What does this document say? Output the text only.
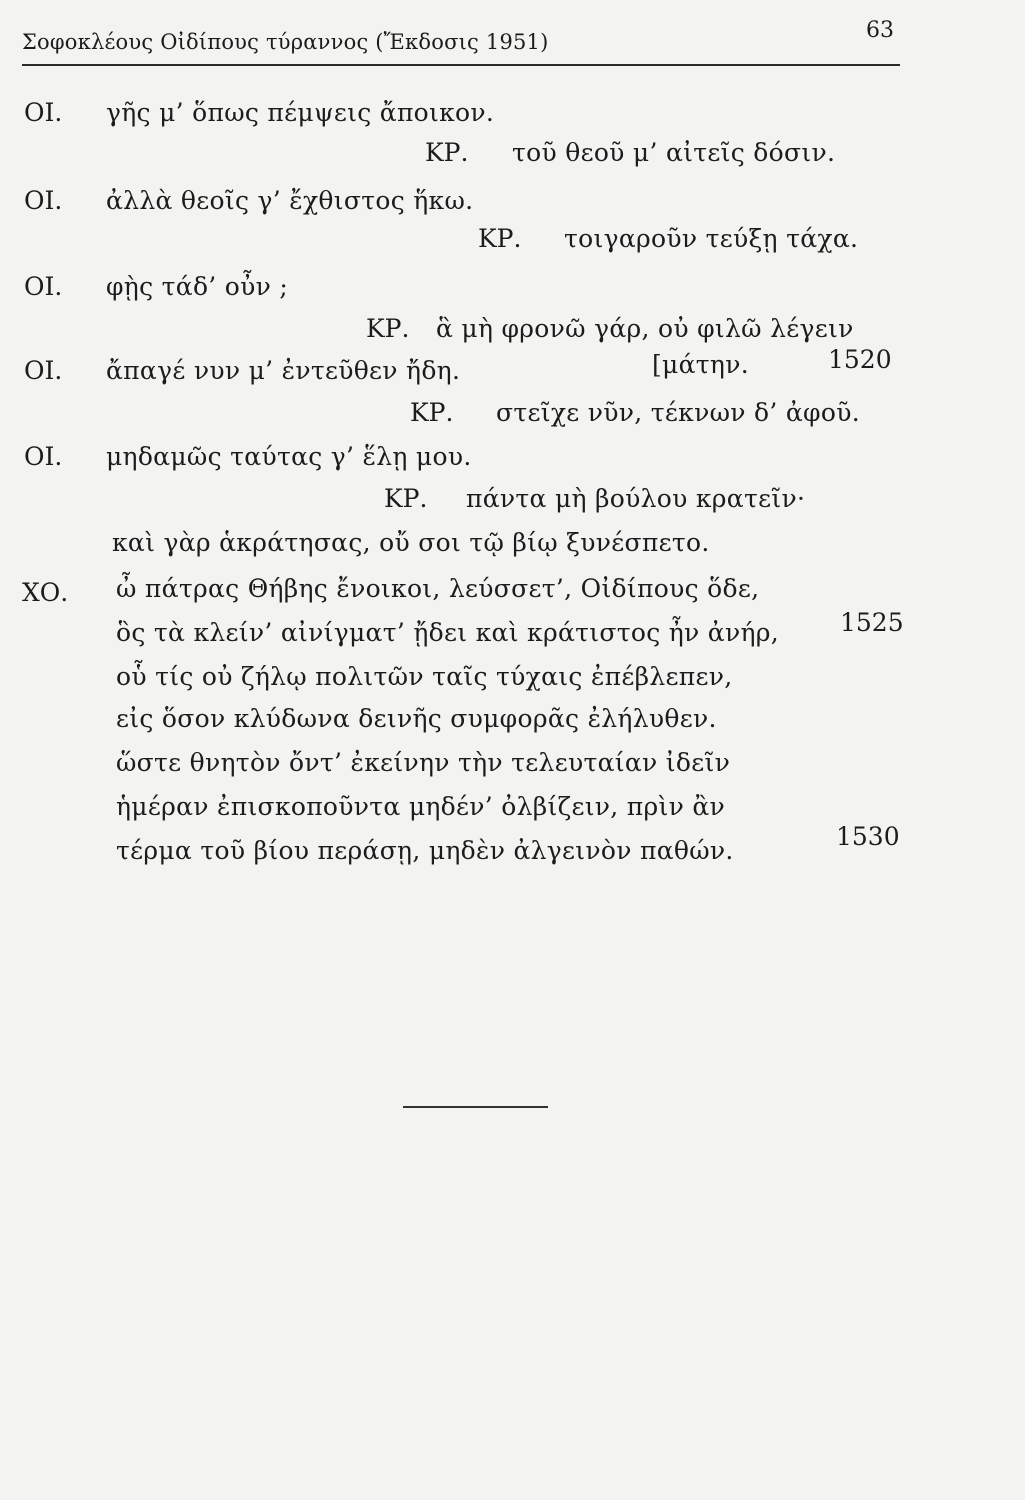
Σοφοκλέους Οἰδίπους τύραννος (Ἔκδοσις 1951)	63
ΟΙ. γῆς μ’ ὅπως πέμψεις ἄποικον.
ΚΡ. τοῦ θεοῦ μ’ αἰτεῖς δόσιν.
ΟΙ. ἀλλὰ θεοῖς γ’ ἔχθιστος ἥκω.
ΚΡ. τοιγαροῦν τεύξῃ τάχα.
ΟΙ. φῂς τάδ’ οὖν ;
ΚΡ. ἃ μὴ φρονῶ γάρ, οὐ φιλῶ λέγειν
ΟΙ. ἄπαγέ νυν μ’ ἐντεῦθεν ἤδη.	[μάτην.	1520
ΚΡ. στεῖχε νῦν, τέκνων δ’ ἀφοῦ.
ΟΙ. μηδαμῶς ταύτας γ’ ἕλῃ μου.
ΚΡ. πάντα μὴ βούλου κρατεῖν·
καὶ γὰρ ἁκράτησας, οὔ σοι τῷ βίῳ ξυνέσπετο.
ΧΟ. ὦ πάτρας Θήβης ἔνοικοι, λεύσσετ’, Οἰδίπους ὅδε,
ὃς τὰ κλείν’ αἰνίγματ’ ᾔδει καὶ κράτιστος ἦν ἀνήρ, 1525
οὗ τίς οὐ ζήλῳ πολιτῶν ταῖς τύχαις ἐπέβλεπεν,
εἰς ὅσον κλύδωνα δεινῆς συμφορᾶς ἐλήλυθεν.
ὥστε θνητὸν ὄντ’ ἐκείνην τὴν τελευταίαν ἰδεῖν
ἡμέραν ἐπισκοποῦντα μηδέν’ ὀλβίζειν, πρὶν ἂν
τέρμα τοῦ βίου περάσῃ, μηδὲν ἀλγεινὸν παθών.	1530
